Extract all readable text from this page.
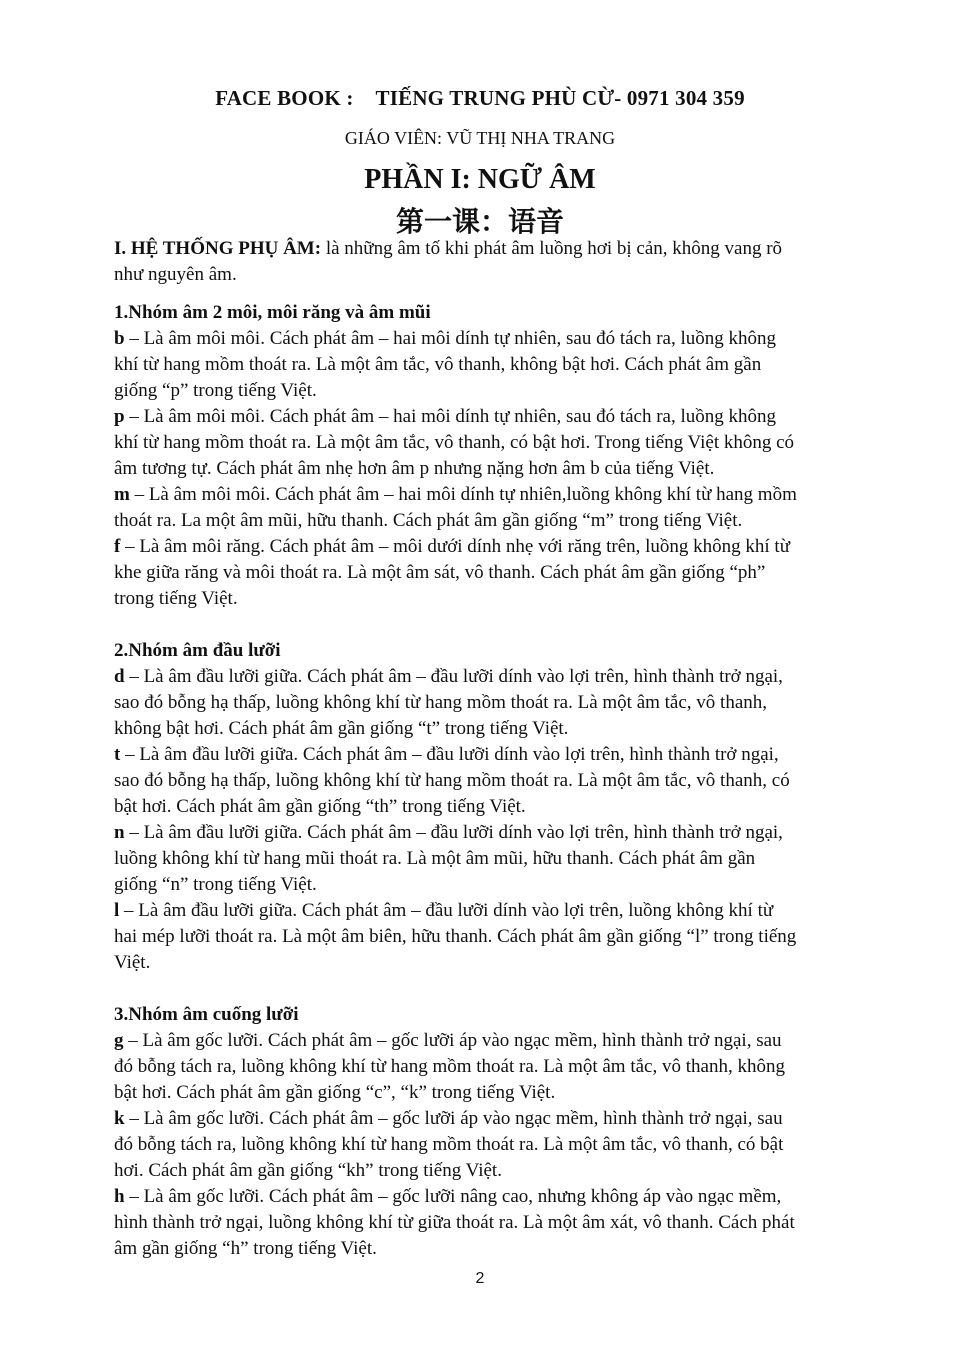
FACE BOOK : TIẾNG TRUNG PHÙ CỪ- 0971 304 359
GIÁO VIÊN: VŨ THỊ NHA TRANG
PHẦN I: NGỮ ÂM
第一课：语音
I. HỆ THỐNG PHỤ ÂM: là những âm tố khi phát âm luồng hơi bị cản, không vang rõ
như nguyên âm.
1.Nhóm âm 2 môi, môi răng và âm mũi
b – Là âm môi môi. Cách phát âm – hai môi dính tự nhiên, sau đó tách ra, luồng không
khí từ hang mồm thoát ra. Là một âm tắc, vô thanh, không bật hơi. Cách phát âm gần
giống “p” trong tiếng Việt.
p – Là âm môi môi. Cách phát âm – hai môi dính tự nhiên, sau đó tách ra, luồng không
khí từ hang mồm thoát ra. Là một âm tắc, vô thanh, có bật hơi. Trong tiếng Việt không có
âm tương tự. Cách phát âm nhẹ hơn âm p nhưng nặng hơn âm b của tiếng Việt.
m – Là âm môi môi. Cách phát âm – hai môi dính tự nhiên,luồng không khí từ hang mồm
thoát ra. La một âm mũi, hữu thanh. Cách phát âm gần giống “m” trong tiếng Việt.
f – Là âm môi răng. Cách phát âm – môi dưới dính nhẹ với răng trên, luồng không khí từ
khe giữa răng và môi thoát ra. Là một âm sát, vô thanh. Cách phát âm gần giống “ph”
trong tiếng Việt.
2.Nhóm âm đầu lưỡi
d – Là âm đầu lưỡi giữa. Cách phát âm – đầu lưỡi dính vào lợi trên, hình thành trở ngại,
sao đó bỗng hạ thấp, luồng không khí từ hang mồm thoát ra. Là một âm tắc, vô thanh,
không bật hơi. Cách phát âm gần giống “t” trong tiếng Việt.
t – Là âm đầu lưỡi giữa. Cách phát âm – đầu lưỡi dính vào lợi trên, hình thành trở ngại,
sao đó bỗng hạ thấp, luồng không khí từ hang mồm thoát ra. Là một âm tắc, vô thanh, có
bật hơi. Cách phát âm gần giống “th” trong tiếng Việt.
n – Là âm đầu lưỡi giữa. Cách phát âm – đầu lưỡi dính vào lợi trên, hình thành trở ngại,
luồng không khí từ hang mũi thoát ra. Là một âm mũi, hữu thanh. Cách phát âm gần
giống “n” trong tiếng Việt.
l – Là âm đầu lưỡi giữa. Cách phát âm – đầu lưỡi dính vào lợi trên, luồng không khí từ
hai mép lưỡi thoát ra. Là một âm biên, hữu thanh. Cách phát âm gần giống “l” trong tiếng
Việt.
3.Nhóm âm cuống lưỡi
g – Là âm gốc lưỡi. Cách phát âm – gốc lưỡi áp vào ngạc mềm, hình thành trở ngại, sau
đó bỗng tách ra, luồng không khí từ hang mồm thoát ra. Là một âm tắc, vô thanh, không
bật hơi. Cách phát âm gần giống “c”, “k” trong tiếng Việt.
k – Là âm gốc lưỡi. Cách phát âm – gốc lưỡi áp vào ngạc mềm, hình thành trở ngại, sau
đó bỗng tách ra, luồng không khí từ hang mồm thoát ra. Là một âm tắc, vô thanh, có bật
hơi. Cách phát âm gần giống “kh” trong tiếng Việt.
h – Là âm gốc lưỡi. Cách phát âm – gốc lưỡi nâng cao, nhưng không áp vào ngạc mềm,
hình thành trở ngại, luồng không khí từ giữa thoát ra. Là một âm xát, vô thanh. Cách phát
âm gần giống “h” trong tiếng Việt.
2
